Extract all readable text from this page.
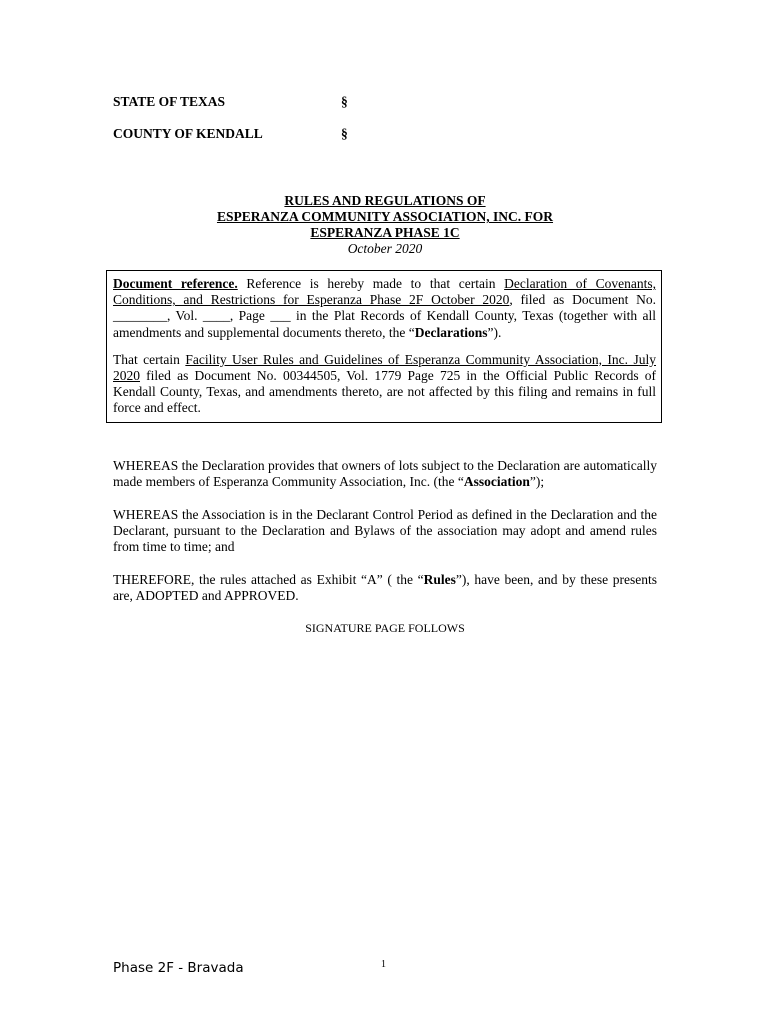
STATE OF TEXAS	§
COUNTY OF KENDALL	§
RULES AND REGULATIONS OF
ESPERANZA COMMUNITY ASSOCIATION, INC. FOR
ESPERANZA PHASE 1C
October 2020

Document reference. Reference is hereby made to that certain Declaration of Covenants, Conditions, and Restrictions for Esperanza Phase 2F October 2020, filed as Document No. ________, Vol. ____, Page ___ in the Plat Records of Kendall County, Texas (together with all amendments and supplemental documents thereto, the “Declarations”).

That certain Facility User Rules and Guidelines of Esperanza Community Association, Inc. July 2020 filed as Document No. 00344505, Vol. 1779 Page 725 in the Official Public Records of Kendall County, Texas, and amendments thereto, are not affected by this filing and remains in full force and effect.

WHEREAS the Declaration provides that owners of lots subject to the Declaration are automatically made members of Esperanza Community Association, Inc. (the “Association”);

WHEREAS the Association is in the Declarant Control Period as defined in the Declaration and the Declarant, pursuant to the Declaration and Bylaws of the association may adopt and amend rules from time to time; and

THEREFORE, the rules attached as Exhibit “A” ( the “Rules”), have been, and by these presents are, ADOPTED and APPROVED.

SIGNATURE PAGE FOLLOWS
Phase 2F - Bravada	1
